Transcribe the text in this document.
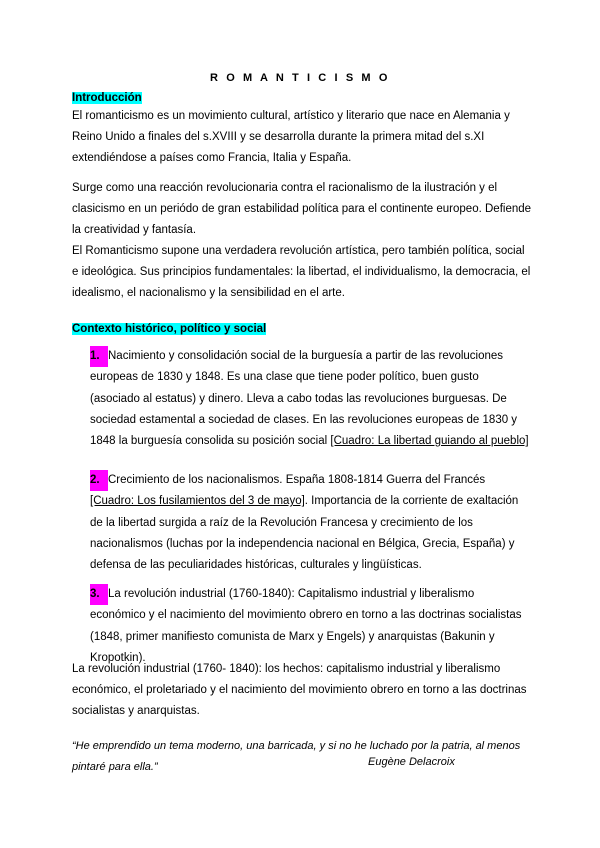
R O M A N T I C I S M O
Introducción

El romanticismo es un movimiento cultural, artístico y literario que nace en Alemania y Reino Unido a finales del s.XVIII y se desarrolla durante la primera mitad del s.XI extendiéndose a países como Francia, Italia y España.

Surge como una reacción revolucionaria contra el racionalismo de la ilustración y el clasicismo en un periódo de gran estabilidad política para el continente europeo. Defiende la creatividad y fantasía.

El Romanticismo supone una verdadera revolución artística, pero también política, social e ideológica. Sus principios fundamentales: la libertad, el individualismo, la democracia, el idealismo, el nacionalismo y la sensibilidad en el arte.

Contexto histórico, político y social

1. Nacimiento y consolidación social de la burguesía a partir de las revoluciones europeas de 1830 y 1848. Es una clase que tiene poder político, buen gusto (asociado al estatus) y dinero. Lleva a cabo todas las revoluciones burguesas. De sociedad estamental a sociedad de clases. En las revoluciones europeas de 1830 y 1848 la burguesía consolida su posición social [Cuadro: La libertad guiando al pueblo]

2. Crecimiento de los nacionalismos. España 1808-1814 Guerra del Francés [Cuadro: Los fusilamientos del 3 de mayo]. Importancia de la corriente de exaltación de la libertad surgida a raíz de la Revolución Francesa y crecimiento de los nacionalismos (luchas por la independencia nacional en Bélgica, Grecia, España) y defensa de las peculiaridades históricas, culturales y lingüísticas.

3. La revolución industrial (1760-1840): Capitalismo industrial y liberalismo económico y el nacimiento del movimiento obrero en torno a las doctrinas socialistas (1848, primer manifiesto comunista de Marx y Engels) y anarquistas (Bakunin y Kropotkin).

La revolución industrial (1760- 1840): los hechos: capitalismo industrial y liberalismo económico, el proletariado y el nacimiento del movimiento obrero en torno a las doctrinas socialistas y anarquistas.

“He emprendido un tema moderno, una barricada, y si no he luchado por la patria, al menos pintaré para ella.”	Eugène Delacroix
